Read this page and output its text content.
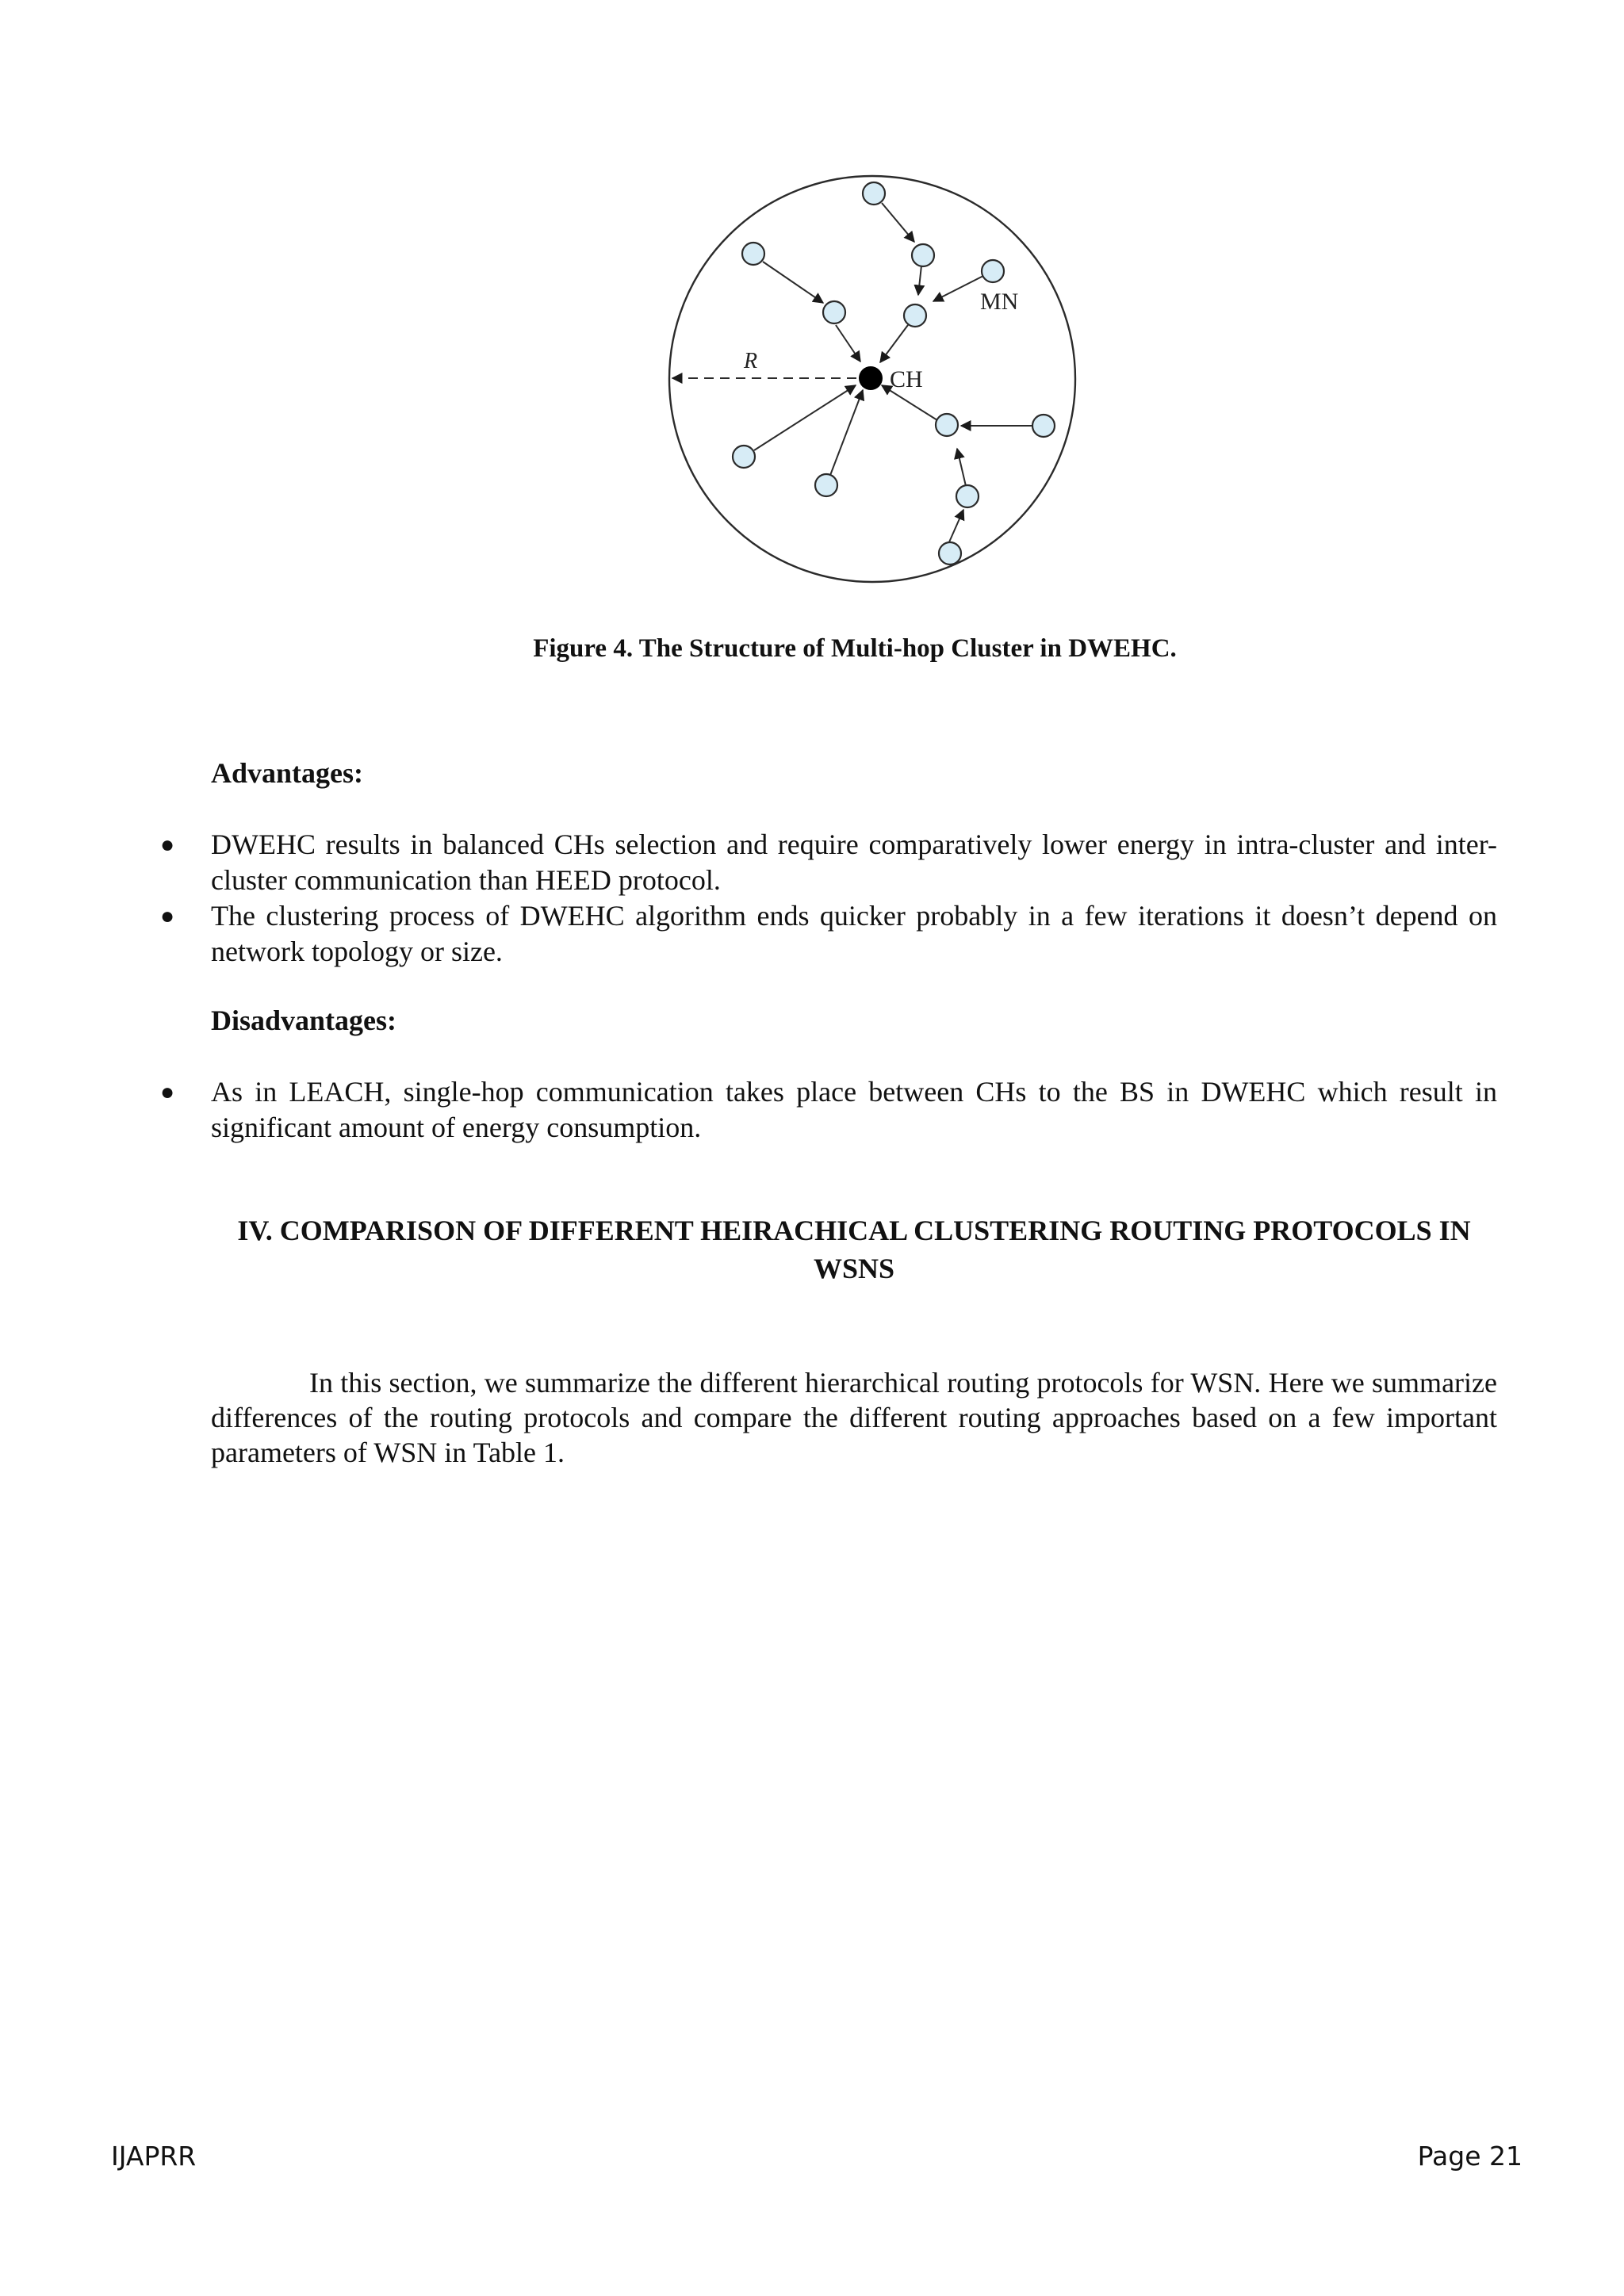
R
CH
MN
Figure 4. The Structure of Multi-hop Cluster in DWEHC.
Advantages:
● DWEHC results in balanced CHs selection and require comparatively lower energy in intra-cluster and inter-cluster communication than HEED protocol.
● The clustering process of DWEHC algorithm ends quicker probably in a few iterations it doesn’t depend on network topology or size.
Disadvantages:
● As in LEACH, single-hop communication takes place between CHs to the BS in DWEHC which result in significant amount of energy consumption.
IV. COMPARISON OF DIFFERENT HEIRACHICAL CLUSTERING ROUTING PROTOCOLS IN WSNS
In this section, we summarize the different hierarchical routing protocols for WSN. Here we summarize differences of the routing protocols and compare the different routing approaches based on a few important parameters of WSN in Table 1.
IJAPRR	Page 21
